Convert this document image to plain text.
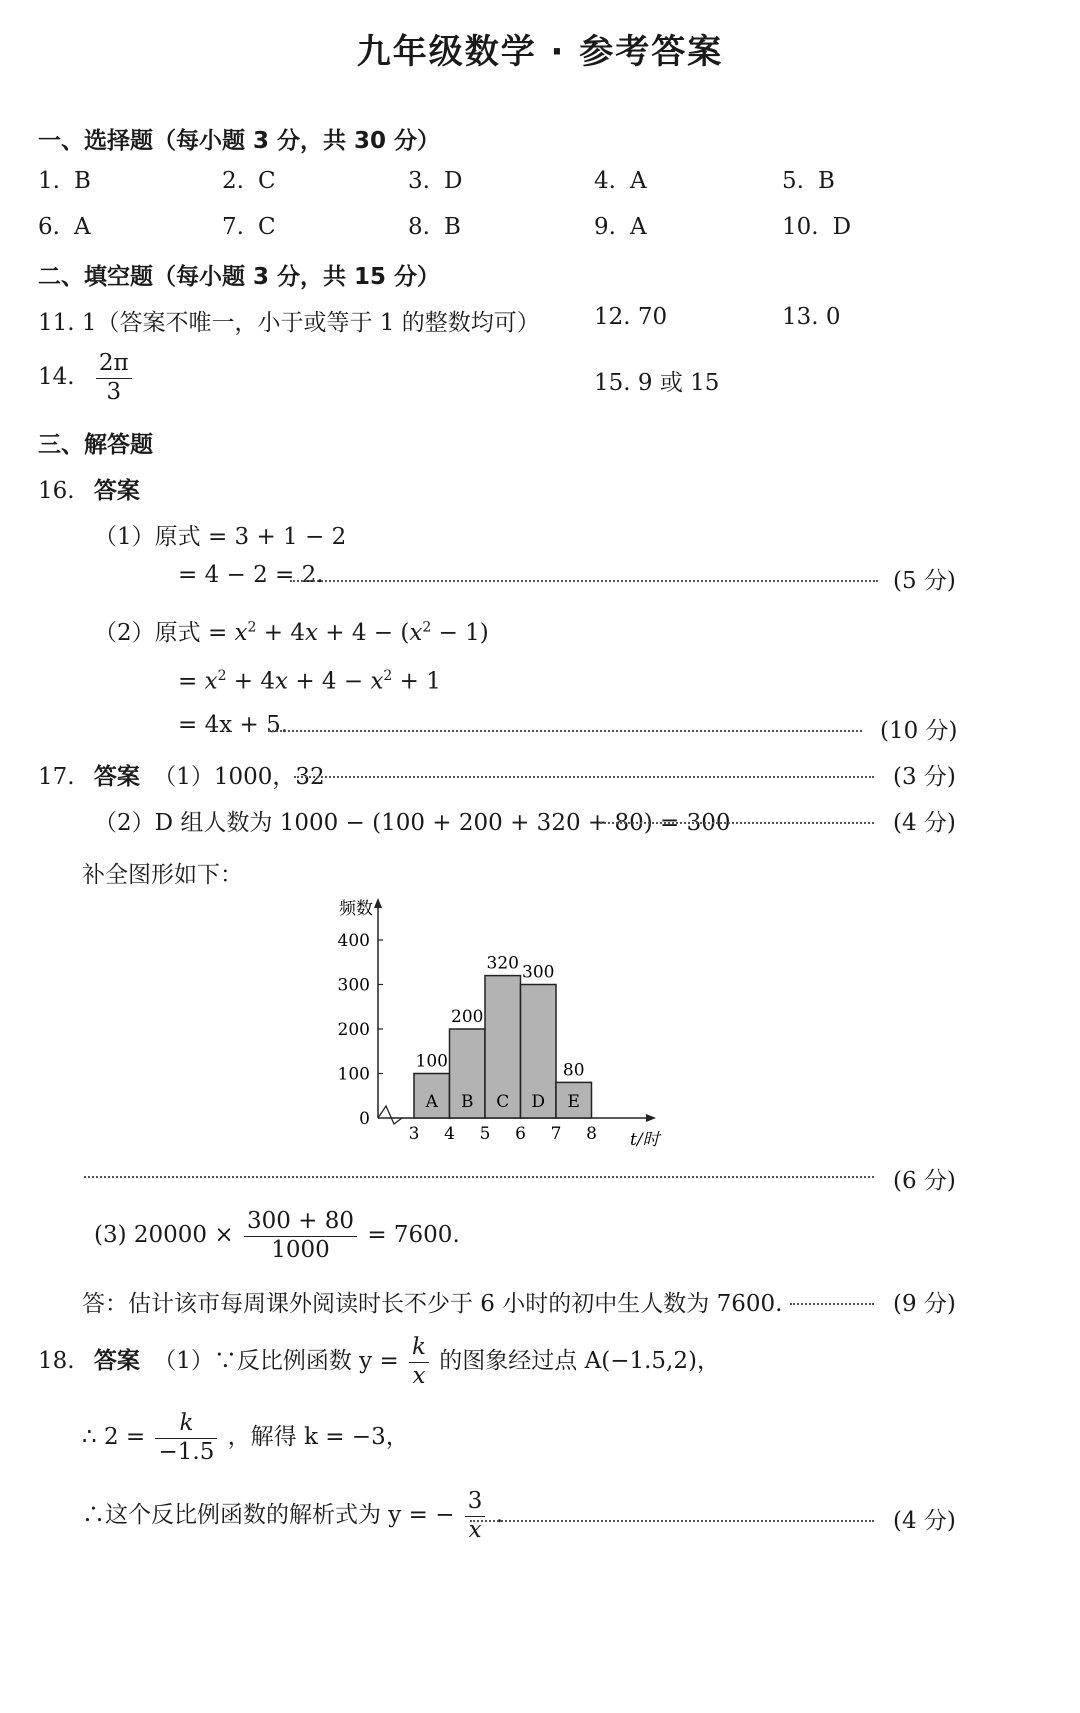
九年级数学 · 参考答案
一、选择题（每小题 3 分，共 30 分）
1. B	2. C	3. D	4. A	5. B
6. A	7. C	8. B	9. A	10. D
二、填空题（每小题 3 分，共 15 分）
11. 1（答案不唯一，小于或等于 1 的整数均可） 12. 70	13. 0
14. $\frac{2\pi}{3}$	15. 9 或 15
三、解答题
16. 答案
（1）原式 = 3 + 1 − 2
= 4 − 2 = 2.	(5 分)
（2）原式 = $x^2 + 4x + 4 - (x^2 - 1)$
= $x^2 + 4x + 4 - x^2 + 1$
= 4x + 5.	(10 分)
17. 答案 （1）1000，32	(3 分)
（2）D 组人数为 1000 − (100 + 200 + 320 + 80) = 300	(4 分)
补全图形如下：
0
100
200
300
400
频数
A
100
B
200
C
320
D
300
E
80
3 4 5 6 7 8 t/时
(6 分)
(3) $20000 \times \frac{300 + 80}{1000} = 7600$.
答：估计该市每周课外阅读时长不少于 6 小时的初中生人数为 7600.	(9 分)
18. 答案 （1）∵反比例函数 $y = \frac{k}{x}$ 的图象经过点 A(−1.5,2)，
∴ $2 = \frac{k}{-1.5}$ ，解得 k = −3，
∴这个反比例函数的解析式为 y = − $\frac{3}{x}$ .	(4 分)
